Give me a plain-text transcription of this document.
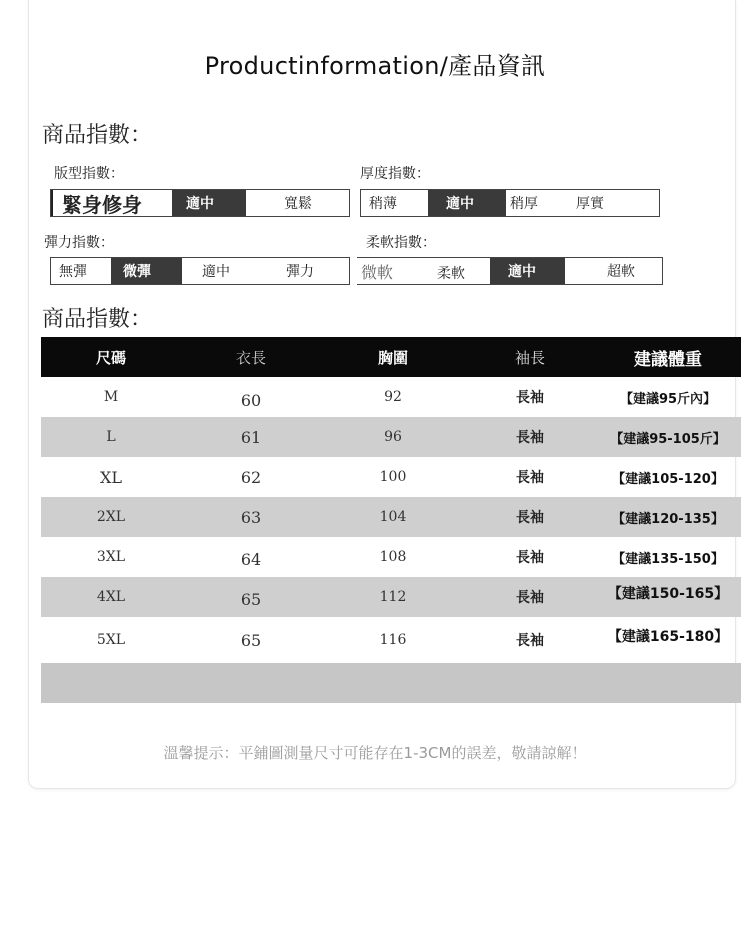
Productinformation/產品資訊
商品指數：
版型指數：
緊身修身	適中	寬鬆
厚度指數：
稍薄	適中	稍厚	厚實
彈力指數：
無彈	微彈	適中	彈力
柔軟指數：
微軟	柔軟	適中	超軟
商品指數：
尺碼	衣長	胸圍	袖長	建議體重
M	60	92	長袖	【建議95斤內】
L	61	96	長袖	【建議95-105斤】
XL	62	100	長袖	【建議105-120】
2XL	63	104	長袖	【建議120-135】
3XL	64	108	長袖	【建議135-150】
4XL	65	112	長袖	【建議150-165】
5XL	65	116	長袖	【建議165-180】
溫馨提示：平鋪圖測量尺寸可能存在1-3CM的誤差，敬請諒解！
